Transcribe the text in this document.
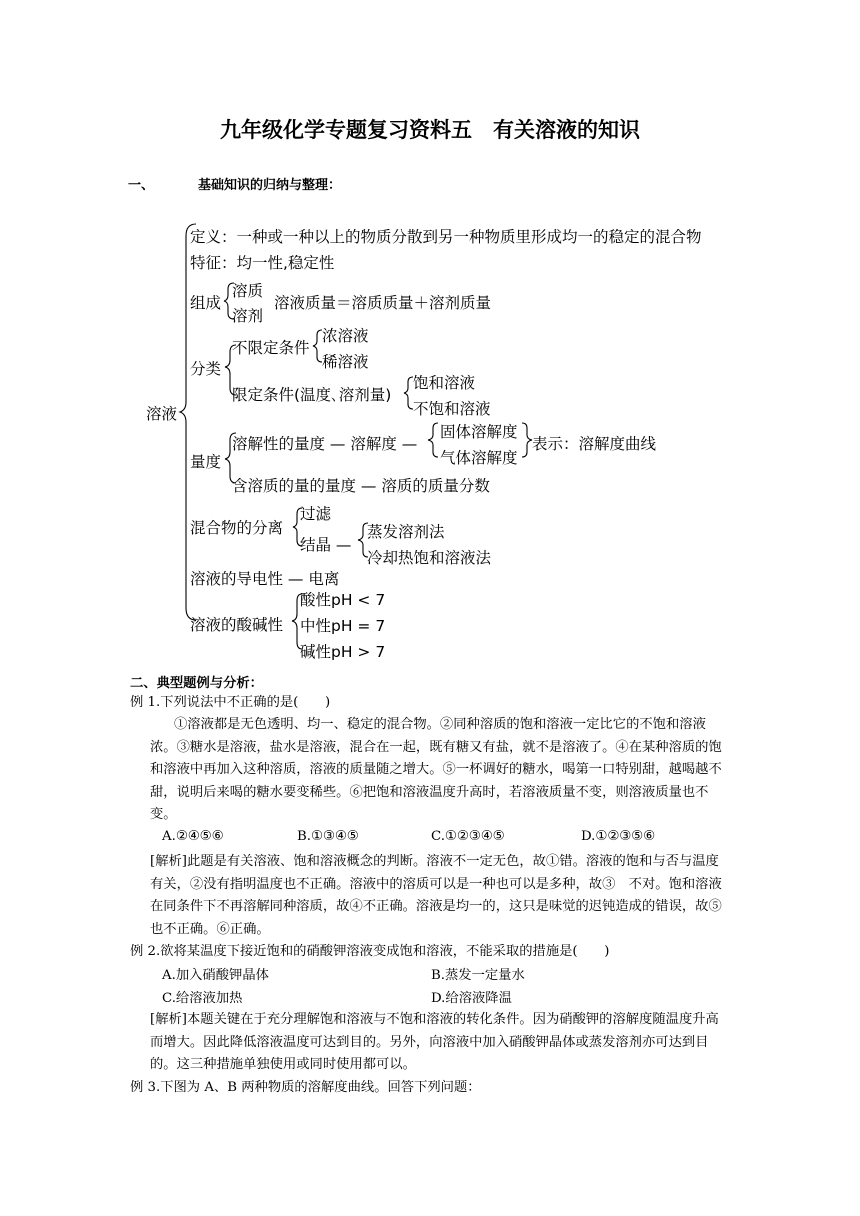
九年级化学专题复习资料五　有关溶液的知识
一、	基础知识的归纳与整理：
溶液
定义：一种或一种以上的物质分散到另一种物质里形成均一的稳定的混合物
特征：均一性,稳定性
组成
溶质
溶剂
溶液质量＝溶质质量＋溶剂质量
分类
不限定条件
浓溶液
稀溶液
限定条件(温度､溶剂量)
饱和溶液
不饱和溶液
量度
溶解性的量度 — 溶解度 —
固体溶解度
气体溶解度
表示：溶解度曲线
含溶质的量的量度 — 溶质的质量分数
混合物的分离
过滤
结晶 —
蒸发溶剂法
冷却热饱和溶液法
溶液的导电性 — 电离
溶液的酸碱性
酸性pH < 7
中性pH = 7
碱性pH > 7
二、典型题例与分析：
例 1.下列说法中不正确的是(　　)
①溶液都是无色透明、均一、稳定的混合物。②同种溶质的饱和溶液一定比它的不饱和溶液浓。③糖水是溶液，盐水是溶液，混合在一起，既有糖又有盐，就不是溶液了。④在某种溶质的饱和溶液中再加入这种溶质，溶液的质量随之增大。⑤一杯调好的糖水，喝第一口特别甜，越喝越不甜，说明后来喝的糖水要变稀些。⑥把饱和溶液温度升高时，若溶液质量不变，则溶液质量也不变。
A.②④⑤⑥	B.①③④⑤	C.①②③④⑤	D.①②③⑤⑥
[解析]此题是有关溶液、饱和溶液概念的判断。溶液不一定无色，故①错。溶液的饱和与否与温度有关，②没有指明温度也不正确。溶液中的溶质可以是一种也可以是多种，故③　不对。饱和溶液在同条件下不再溶解同种溶质，故④不正确。溶液是均一的，这只是味觉的迟钝造成的错误，故⑤也不正确。⑥正确。
例 2.欲将某温度下接近饱和的硝酸钾溶液变成饱和溶液，不能采取的措施是(　　)
A.加入硝酸钾晶体	B.蒸发一定量水
C.给溶液加热	D.给溶液降温
[解析]本题关键在于充分理解饱和溶液与不饱和溶液的转化条件。因为硝酸钾的溶解度随温度升高而增大。因此降低溶液温度可达到目的。另外，向溶液中加入硝酸钾晶体或蒸发溶剂亦可达到目的。这三种措施单独使用或同时使用都可以。
例 3.下图为 A、B 两种物质的溶解度曲线。回答下列问题：
